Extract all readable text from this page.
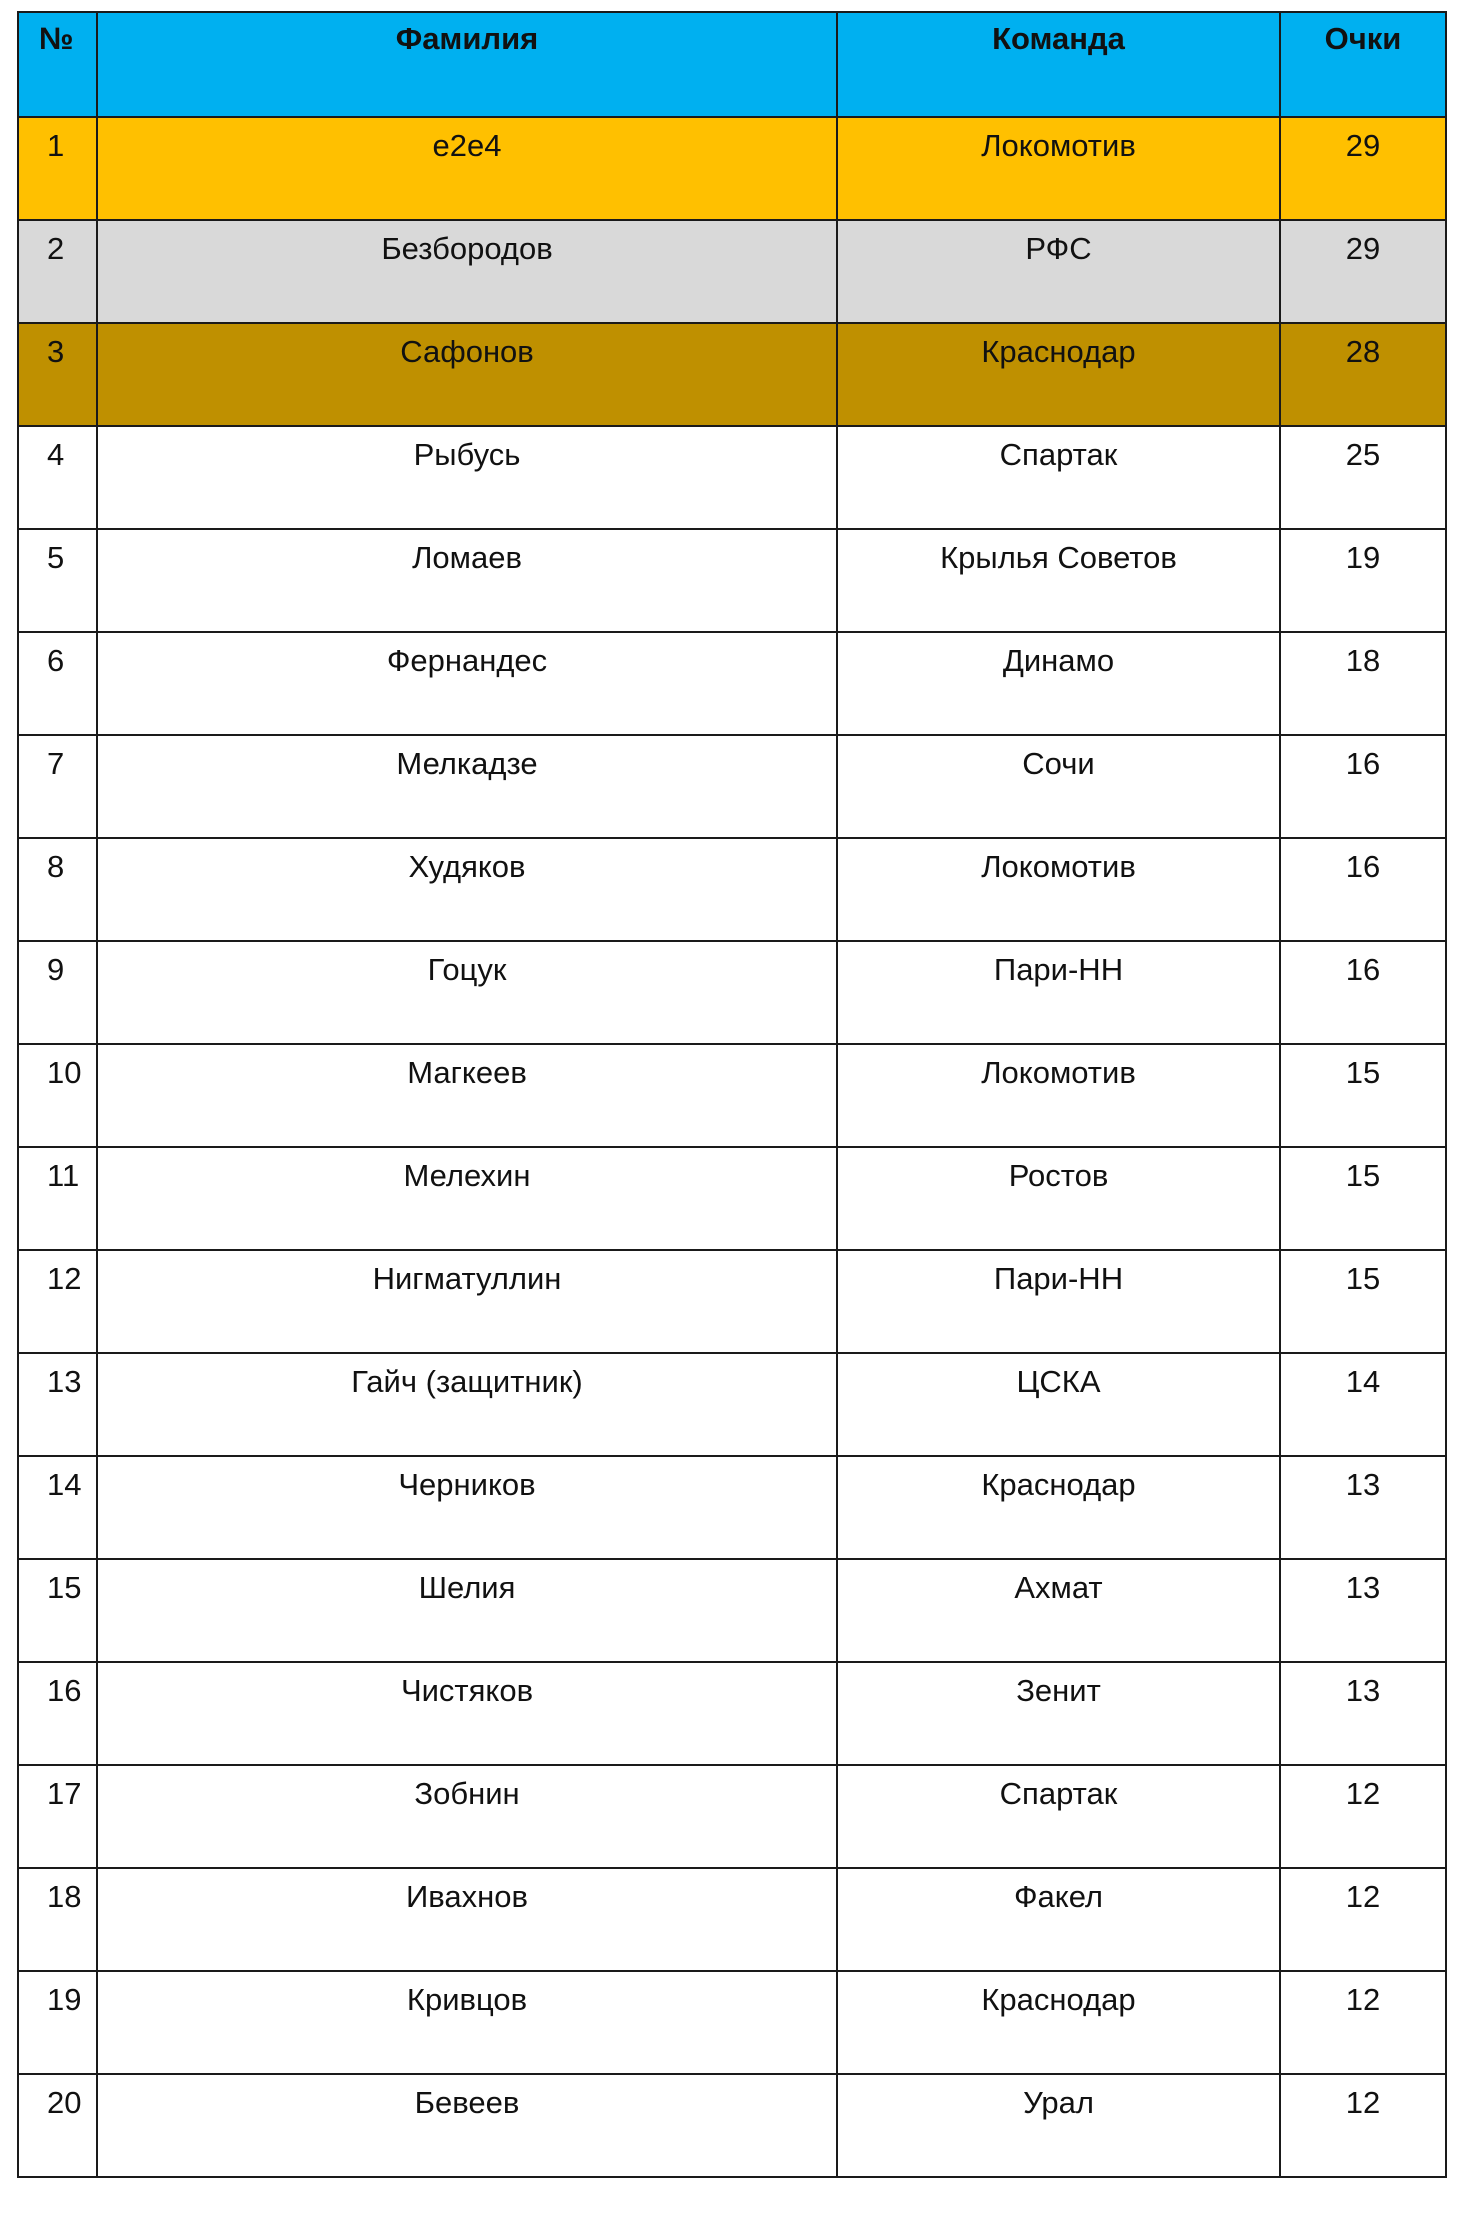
№	Фамилия	Команда	Очки
1	е2е4	Локомотив	29
2	Безбородов	РФС	29
3	Сафонов	Краснодар	28
4	Рыбусь	Спартак	25
5	Ломаев	Крылья Советов	19
6	Фернандес	Динамо	18
7	Мелкадзе	Сочи	16
8	Худяков	Локомотив	16
9	Гоцук	Пари-НН	16
10	Магкеев	Локомотив	15
11	Мелехин	Ростов	15
12	Нигматуллин	Пари-НН	15
13	Гайч (защитник)	ЦСКА	14
14	Черников	Краснодар	13
15	Шелия	Ахмат	13
16	Чистяков	Зенит	13
17	Зобнин	Спартак	12
18	Ивахнов	Факел	12
19	Кривцов	Краснодар	12
20	Бевеев	Урал	12
